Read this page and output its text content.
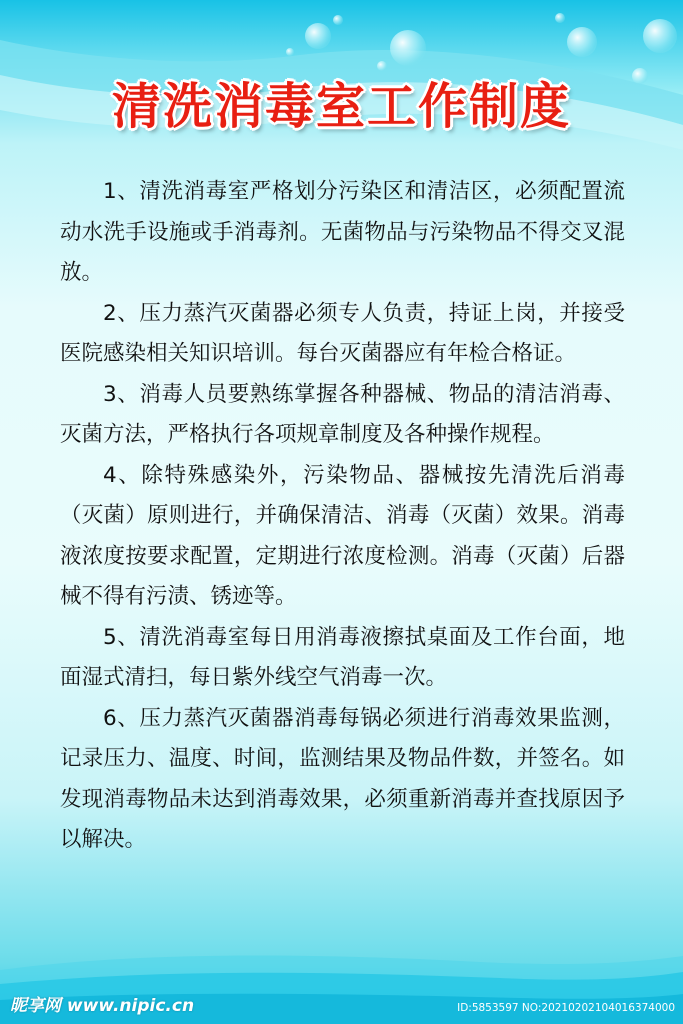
清洗消毒室工作制度

1、清洗消毒室严格划分污染区和清洁区，必须配置流动水洗手设施或手消毒剂。无菌物品与污染物品不得交叉混放。

2、压力蒸汽灭菌器必须专人负责，持证上岗，并接受医院感染相关知识培训。每台灭菌器应有年检合格证。

3、消毒人员要熟练掌握各种器械、物品的清洁消毒、灭菌方法，严格执行各项规章制度及各种操作规程。

4、除特殊感染外，污染物品、器械按先清洗后消毒（灭菌）原则进行，并确保清洁、消毒（灭菌）效果。消毒液浓度按要求配置，定期进行浓度检测。消毒（灭菌）后器械不得有污渍、锈迹等。

5、清洗消毒室每日用消毒液擦拭桌面及工作台面，地面湿式清扫，每日紫外线空气消毒一次。

6、压力蒸汽灭菌器消毒每锅必须进行消毒效果监测，记录压力、温度、时间，监测结果及物品件数，并签名。如发现消毒物品未达到消毒效果，必须重新消毒并查找原因予以解决。

昵享网 www.nipic.cn	ID:5853597 NO:20210202104016374000
